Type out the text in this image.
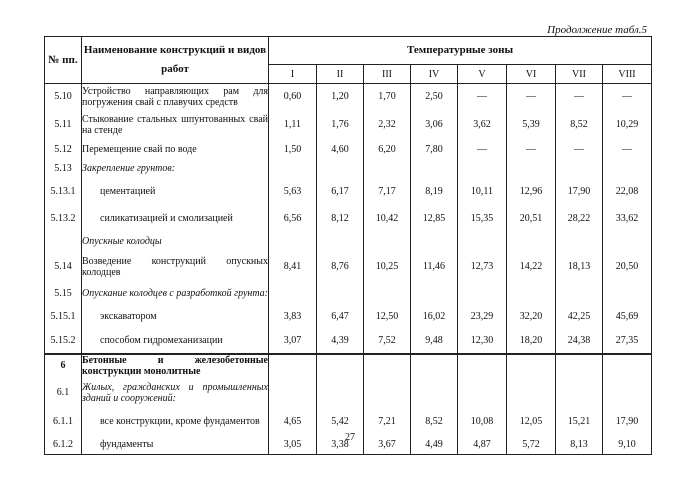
Продолжение табл.5
№ пп.	Наименование конструкций и видов работ	Температурные зоны							
		I	II	III	IV	V	VI	VII	VIII
5.10	Устройство направляющих рам для погружения свай с плавучих средств	0,60	1,20	1,70	2,50	—	—	—	—
5.11	Стыкование стальных шпунтованных свай на стенде	1,11	1,76	2,32	3,06	3,62	5,39	8,52	10,29
5.12	Перемещение свай по воде	1,50	4,60	6,20	7,80	—	—	—	—
5.13	Закрепление грунтов:								
5.13.1	цементацией	5,63	6,17	7,17	8,19	10,11	12,96	17,90	22,08
5.13.2	силикатизацией и смолизацией	6,56	8,12	10,42	12,85	15,35	20,51	28,22	33,62
	Опускные колодцы								
5.14	Возведение конструкций опускных колодцев	8,41	8,76	10,25	11,46	12,73	14,22	18,13	20,50
5.15	Опускание колодцев с разработкой грунта:								
5.15.1	экскаватором	3,83	6,47	12,50	16,02	23,29	32,20	42,25	45,69
5.15.2	способом гидромеханизации	3,07	4,39	7,52	9,48	12,30	18,20	24,38	27,35
6	Бетонные и железобетонные конструкции монолитные								
6.1	Жилых, гражданских и промышленных зданий и сооружений:								
6.1.1	все конструкции, кроме фундаментов	4,65	5,42	7,21	8,52	10,08	12,05	15,21	17,90
6.1.2	фундаменты	3,05	3,38	3,67	4,49	4,87	5,72	8,13	9,10
27
